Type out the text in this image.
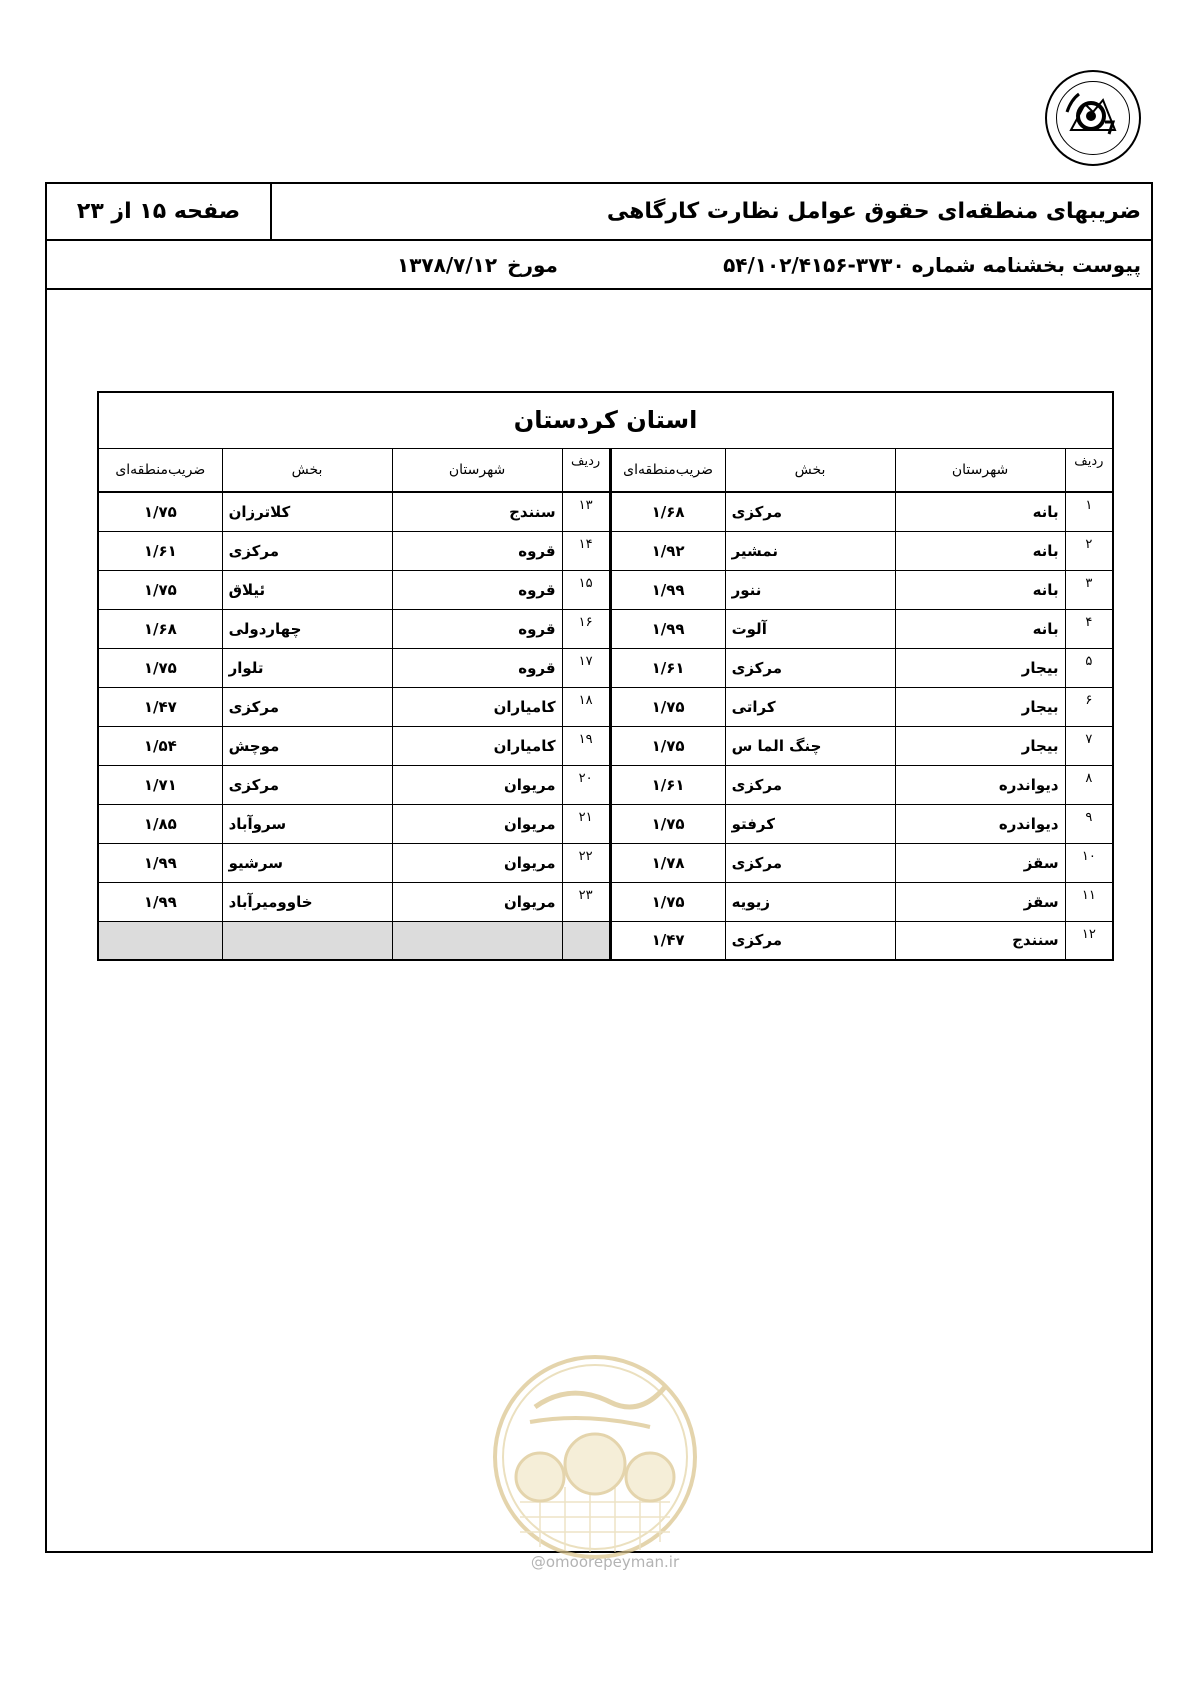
صفحه ۱۵ از ۲۳	ضریبهای منطقه‌ای حقوق عوامل نظارت کارگاهی
پیوست بخشنامه شماره ۳۷۳۰-۵۴/۱۰۲/۴۱۵۶
مورخ
۱۳۷۸/۷/۱۲
استان کردستان							
ردیف	شهرستان	بخش	ضریب‌منطقه‌ای	ردیف	شهرستان	بخش	ضریب‌منطقه‌ای
۱	بانه	مرکزی	۱/۶۸	۱۳	سنندج	کلاترزان	۱/۷۵
۲	بانه	نمشیر	۱/۹۲	۱۴	قروه	مرکزی	۱/۶۱
۳	بانه	ننور	۱/۹۹	۱۵	قروه	ئیلاق	۱/۷۵
۴	بانه	آلوت	۱/۹۹	۱۶	قروه	چهاردولی	۱/۶۸
۵	بیجار	مرکزی	۱/۶۱	۱۷	قروه	تلوار	۱/۷۵
۶	بیجار	کراتی	۱/۷۵	۱۸	کامیاران	مرکزی	۱/۴۷
۷	بیجار	چنگ الما س	۱/۷۵	۱۹	کامیاران	موچش	۱/۵۴
۸	دیواندره	مرکزی	۱/۶۱	۲۰	مریوان	مرکزی	۱/۷۱
۹	دیواندره	کرفتو	۱/۷۵	۲۱	مریوان	سروآباد	۱/۸۵
۱۰	سقز	مرکزی	۱/۷۸	۲۲	مریوان	سرشیو	۱/۹۹
۱۱	سقز	زیویه	۱/۷۵	۲۳	مریوان	خاوومیرآباد	۱/۹۹
۱۲	سنندج	مرکزی	۱/۴۷				
@omoorepeyman.ir
